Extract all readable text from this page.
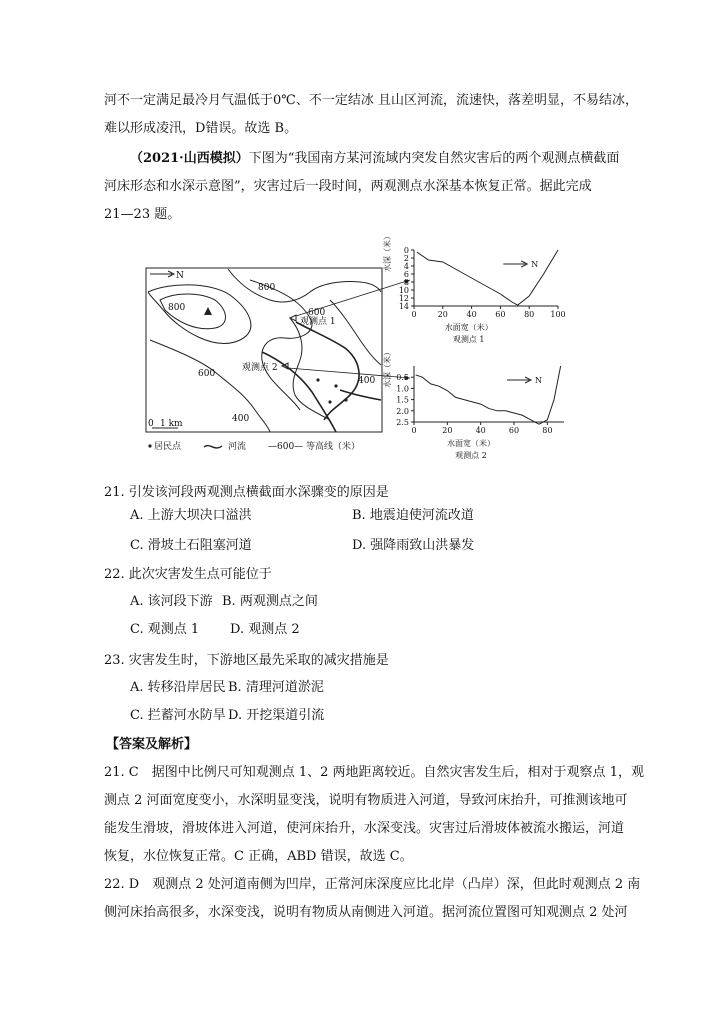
河不一定满足最冷月气温低于0℃、不一定结冰 且山区河流，流速快，落差明显，不易结冰，
难以形成凌汛，D错误。故选 B。
（2021·山西模拟）下图为“我国南方某河流域内突发自然灾害后的两个观测点横截面
河床形态和水深示意图”，灾害过后一段时间，两观测点水深基本恢复正常。据此完成
21—23 题。
N
800
800
600
600
400
400
观测点 1
观测点 2
0 1 km
居民点	河流 —600— 等高线（米）
0	20 40 60 80 100
0
2
4
6
8
10
12
14
水深（米）
水面宽（米）
观测点 1
N
0	20	40	60	80
0.5
1.0
1.5
2.0
2.5
水深（米）
水面宽（米）
观测点 2
N
21. 引发该河段两观测点横截面水深骤变的原因是
A. 上游大坝决口溢洪	B. 地震迫使河流改道
C. 滑坡土石阻塞河道	D. 强降雨致山洪暴发
22. 此次灾害发生点可能位于
A. 该河段下游 B. 两观测点之间
C. 观测点 1 D. 观测点 2
23. 灾害发生时，下游地区最先采取的减灾措施是
A. 转移沿岸居民 B. 清理河道淤泥
C. 拦蓄河水防旱 D. 开挖渠道引流
【答案及解析】
21. C　据图中比例尺可知观测点 1、2 两地距离较近。自然灾害发生后，相对于观察点 1，观
测点 2 河面宽度变小，水深明显变浅，说明有物质进入河道，导致河床抬升，可推测该地可
能发生滑坡，滑坡体进入河道，使河床抬升，水深变浅。灾害过后滑坡体被流水搬运，河道
恢复，水位恢复正常。C 正确，ABD 错误，故选 C。
22. D　观测点 2 处河道南侧为凹岸，正常河床深度应比北岸（凸岸）深，但此时观测点 2 南
侧河床抬高很多，水深变浅，说明有物质从南侧进入河道。据河流位置图可知观测点 2 处河
